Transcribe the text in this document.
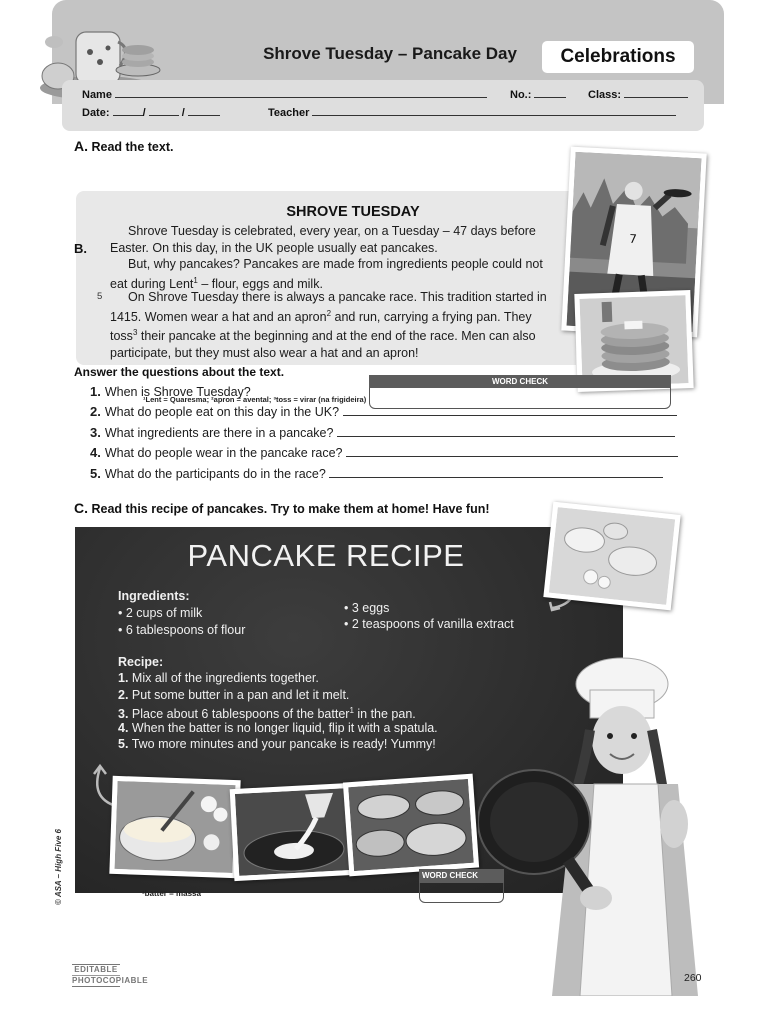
Shrove Tuesday – Pancake Day	Celebrations
Name	No.:	Class:
Date:	/	/	Teacher
A. Read the text.
B.
SHROVE TUESDAY

Shrove Tuesday is celebrated, every year, on a Tuesday – 47 days before Easter. On this day, in the UK people usually eat pancakes.

But, why pancakes? Pancakes are made from ingredients people could not eat during Lent$^1$ – flour, eggs and milk.

5	On Shrove Tuesday there is always a pancake race. This tradition started in 1415. Women wear a hat and an apron$^2$ and run, carrying a frying pan. They toss$^3$ their pancake at the beginning and at the end of the race. Men can also participate, but they must also wear a hat and an apron!

7
Answer the questions about the text.
1. When is Shrove Tuesday?
2. What do people eat on this day in the UK?
3. What ingredients are there in a pancake?
4. What do people wear in the pancake race?
5. What do the participants do in the race?
WORD CHECK
¹Lent = Quaresma; ²apron = avental; ³toss = virar (na frigideira)
C. Read this recipe of pancakes. Try to make them at home! Have fun!
PANCAKE RECIPE
Ingredients:
• 2 cups of milk
• 6 tablespoons of flour
• 3 eggs
• 2 teaspoons of vanilla extract
Recipe:
1. Mix all of the ingredients together.
2. Put some butter in a pan and let it melt.
3. Place about 6 tablespoons of the batter$^1$ in the pan.
4. When the batter is no longer liquid, flip it with a spatula.
5. Two more minutes and your pancake is ready! Yummy!
WORD CHECK
¹batter = massa
© ASA – High Five 6
EDITABLE
PHOTOCOPIABLE	260
